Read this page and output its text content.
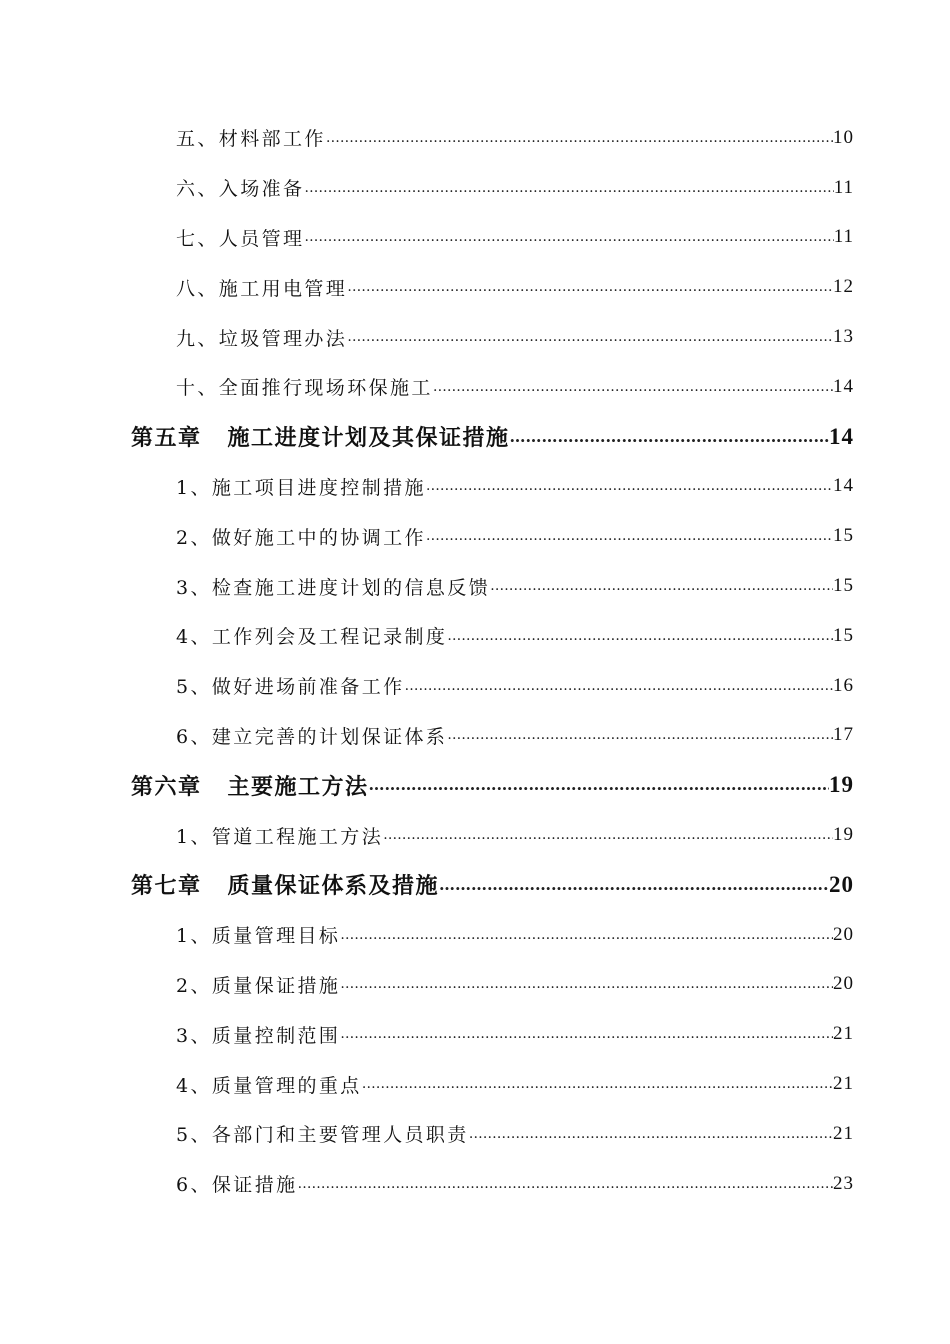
五、材料部工作 …………………………………………………………………………………………………………………………………………………………………………………………	10
六、入场准备 …………………………………………………………………………………………………………………………………………………………………………………………	11
七、人员管理 …………………………………………………………………………………………………………………………………………………………………………………………	11
八、施工用电管理 …………………………………………………………………………………………………………………………………………………………………………………………	12
九、垃圾管理办法 …………………………………………………………………………………………………………………………………………………………………………………………	13
十、全面推行现场环保施工 …………………………………………………………………………………………………………………………………………………………………………………………	14
第五章 施工进度计划及其保证措施 …………………………………………………………………………………………………………………………………………………………………………………………	14
1、施工项目进度控制措施 …………………………………………………………………………………………………………………………………………………………………………………………	14
2、做好施工中的协调工作 …………………………………………………………………………………………………………………………………………………………………………………………	15
3、检查施工进度计划的信息反馈 …………………………………………………………………………………………………………………………………………………………………………………………	15
4、工作列会及工程记录制度 …………………………………………………………………………………………………………………………………………………………………………………………	15
5、做好进场前准备工作 …………………………………………………………………………………………………………………………………………………………………………………………	16
6、建立完善的计划保证体系 …………………………………………………………………………………………………………………………………………………………………………………………	17
第六章 主要施工方法 …………………………………………………………………………………………………………………………………………………………………………………………	19
1、管道工程施工方法 …………………………………………………………………………………………………………………………………………………………………………………………	19
第七章 质量保证体系及措施 …………………………………………………………………………………………………………………………………………………………………………………………	20
1、质量管理目标 …………………………………………………………………………………………………………………………………………………………………………………………	20
2、质量保证措施 …………………………………………………………………………………………………………………………………………………………………………………………	20
3、质量控制范围 …………………………………………………………………………………………………………………………………………………………………………………………	21
4、质量管理的重点 …………………………………………………………………………………………………………………………………………………………………………………………	21
5、各部门和主要管理人员职责 …………………………………………………………………………………………………………………………………………………………………………………………	21
6、保证措施 …………………………………………………………………………………………………………………………………………………………………………………………	23
